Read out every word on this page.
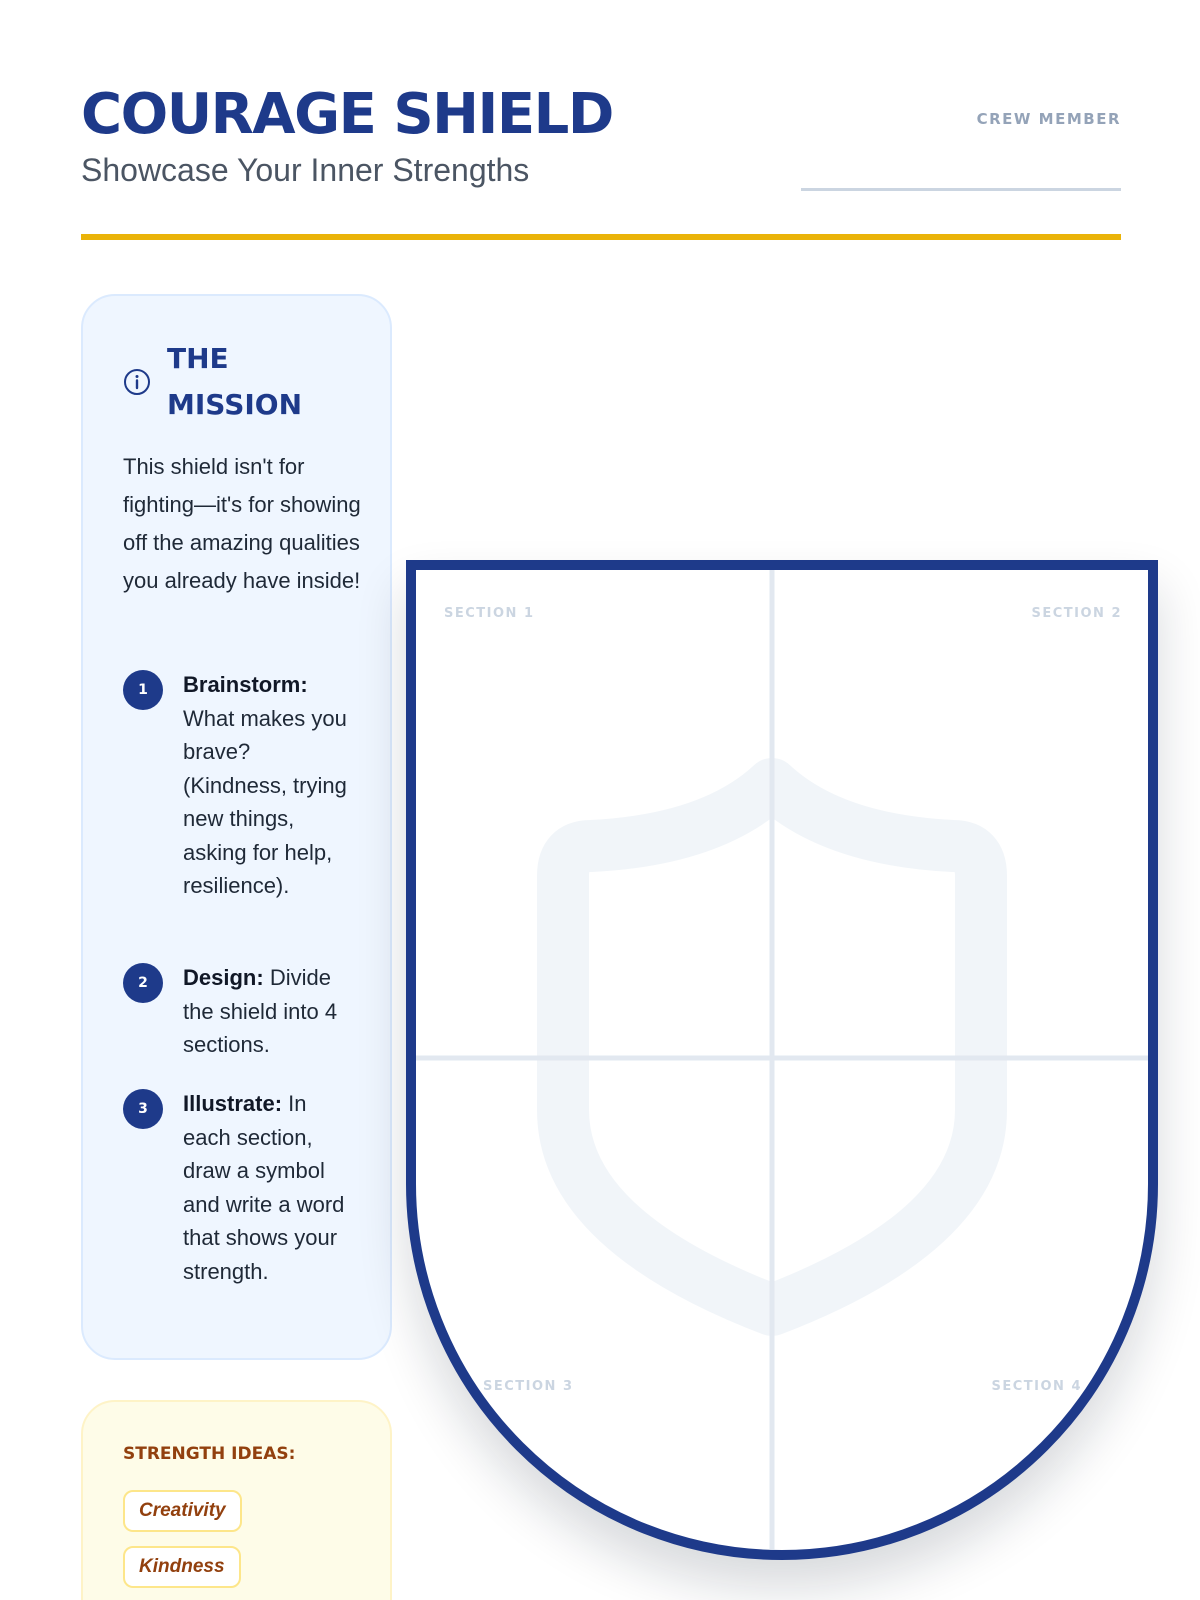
COURAGE SHIELD
Showcase Your Inner Strengths
CREW MEMBER
THE MISSION
This shield isn't for fighting—it's for showing off the amazing qualities you already have inside!
1	Brainstorm: What makes you brave? (Kindness, trying new things, asking for help, resilience).
2	Design: Divide the shield into 4 sections.
3	Illustrate: In each section, draw a symbol and write a word that shows your strength.
STRENGTH IDEAS:
Creativity
Kindness
SECTION 1	SECTION 2
SECTION 3	SECTION 4
